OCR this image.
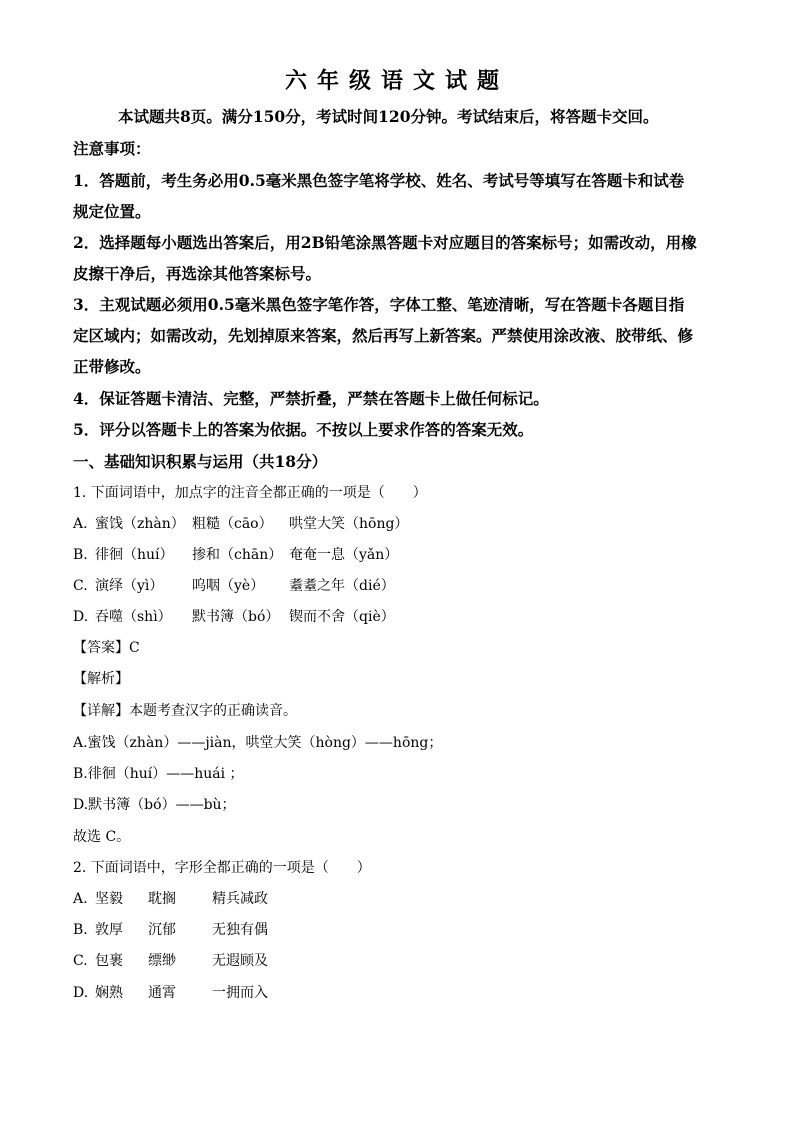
六年级语文试题
本试题共8页。满分150分，考试时间120分钟。考试结束后，将答题卡交回。
注意事项：
1．答题前，考生务必用0.5毫米黑色签字笔将学校、姓名、考试号等填写在答题卡和试卷
规定位置。
2．选择题每小题选出答案后，用2B铅笔涂黑答题卡对应题目的答案标号；如需改动，用橡
皮擦干净后，再选涂其他答案标号。
3．主观试题必须用0.5毫米黑色签字笔作答，字体工整、笔迹清晰，写在答题卡各题目指
定区域内；如需改动，先划掉原来答案，然后再写上新答案。严禁使用涂改液、胶带纸、修
正带修改。
4．保证答题卡清洁、完整，严禁折叠，严禁在答题卡上做任何标记。
5．评分以答题卡上的答案为依据。不按以上要求作答的答案无效。
一、基础知识积累与运用（共18分）
1. 下面词语中，加点字的注音全都正确的一项是（　　）
A. 蜜饯（zhàn） 粗糙（cāo） 哄堂大笑（hōng）
B. 徘徊（huí） 掺和（chān） 奄奄一息（yǎn）
C. 演绎（yì） 呜咽（yè） 耋耋之年（dié）
D. 吞噬（shì） 默书簿（bó） 锲而不舍（qiè）
【答案】C
【解析】
【详解】本题考查汉字的正确读音。
A.蜜饯（zhàn）——jiàn，哄堂大笑（hòng）——hōng；
B.徘徊（huí）——huái ；
D.默书簿（bó）——bù；
故选 C。
2. 下面词语中，字形全都正确的一项是（　　）
A. 坚毅 耽搁	精兵减政
B. 敦厚 沉郁	无独有偶
C. 包裹 缥缈	无遐顾及
D. 娴熟 通霄	一拥而入
